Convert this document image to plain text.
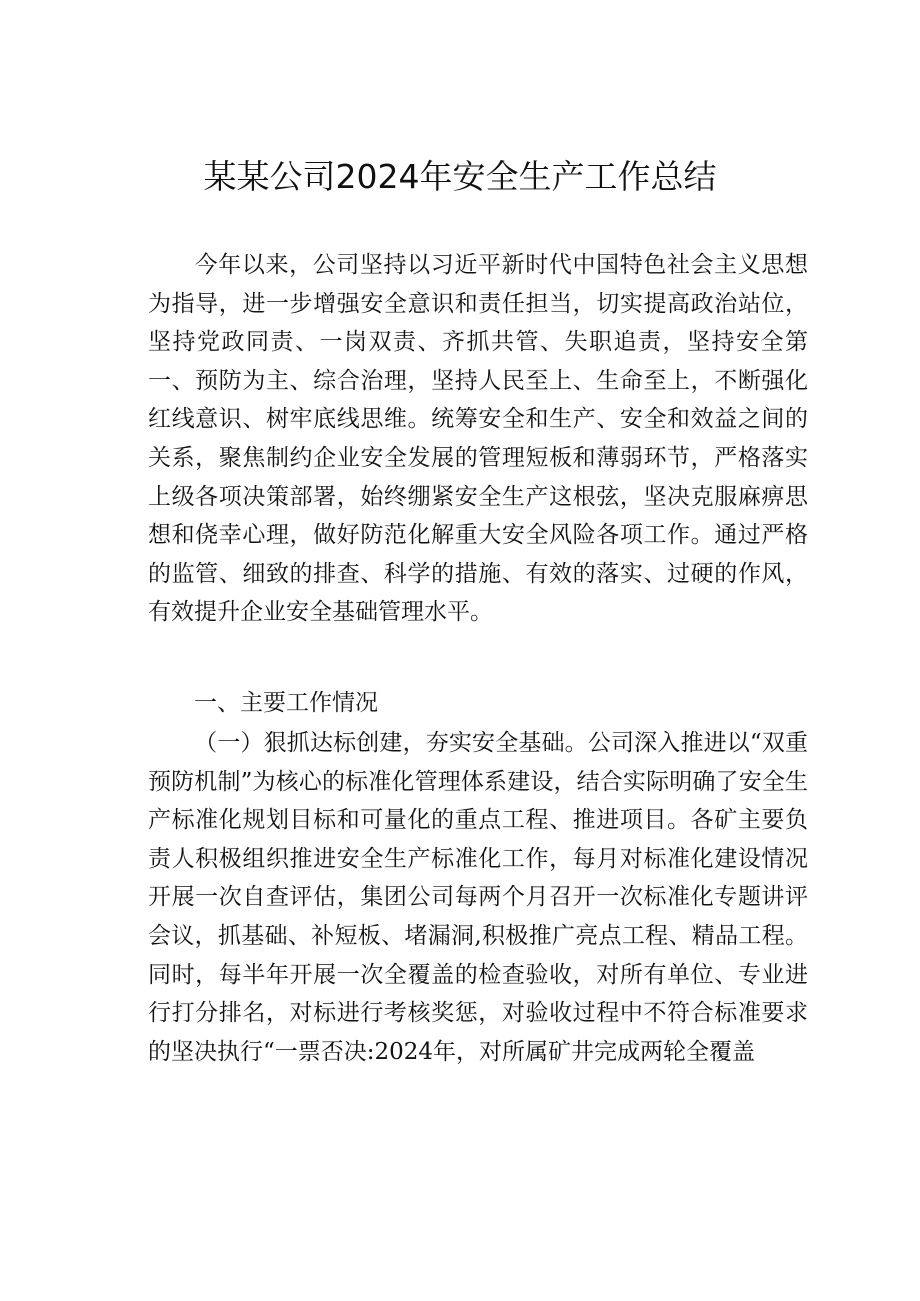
某某公司2024年安全生产工作总结

今年以来，公司坚持以习近平新时代中国特色社会主义思想为指导，进一步增强安全意识和责任担当，切实提高政治站位，坚持党政同责、一岗双责、齐抓共管、失职追责，坚持安全第一、预防为主、综合治理，坚持人民至上、生命至上，不断强化红线意识、树牢底线思维。统筹安全和生产、安全和效益之间的关系，聚焦制约企业安全发展的管理短板和薄弱环节，严格落实上级各项决策部署，始终绷紧安全生产这根弦，坚决克服麻痹思想和侥幸心理，做好防范化解重大安全风险各项工作。通过严格的监管、细致的排查、科学的措施、有效的落实、过硬的作风，有效提升企业安全基础管理水平。

一、主要工作情况

（一）狠抓达标创建，夯实安全基础。公司深入推进以“双重预防机制”为核心的标准化管理体系建设，结合实际明确了安全生产标准化规划目标和可量化的重点工程、推进项目。各矿主要负责人积极组织推进安全生产标准化工作，每月对标准化建设情况开展一次自查评估，集团公司每两个月召开一次标准化专题讲评会议，抓基础、补短板、堵漏洞,积极推广亮点工程、精品工程。同时，每半年开展一次全覆盖的检查验收，对所有单位、专业进行打分排名，对标进行考核奖惩，对验收过程中不符合标准要求的坚决执行“一票否决:2024年，对所属矿井完成两轮全覆盖
